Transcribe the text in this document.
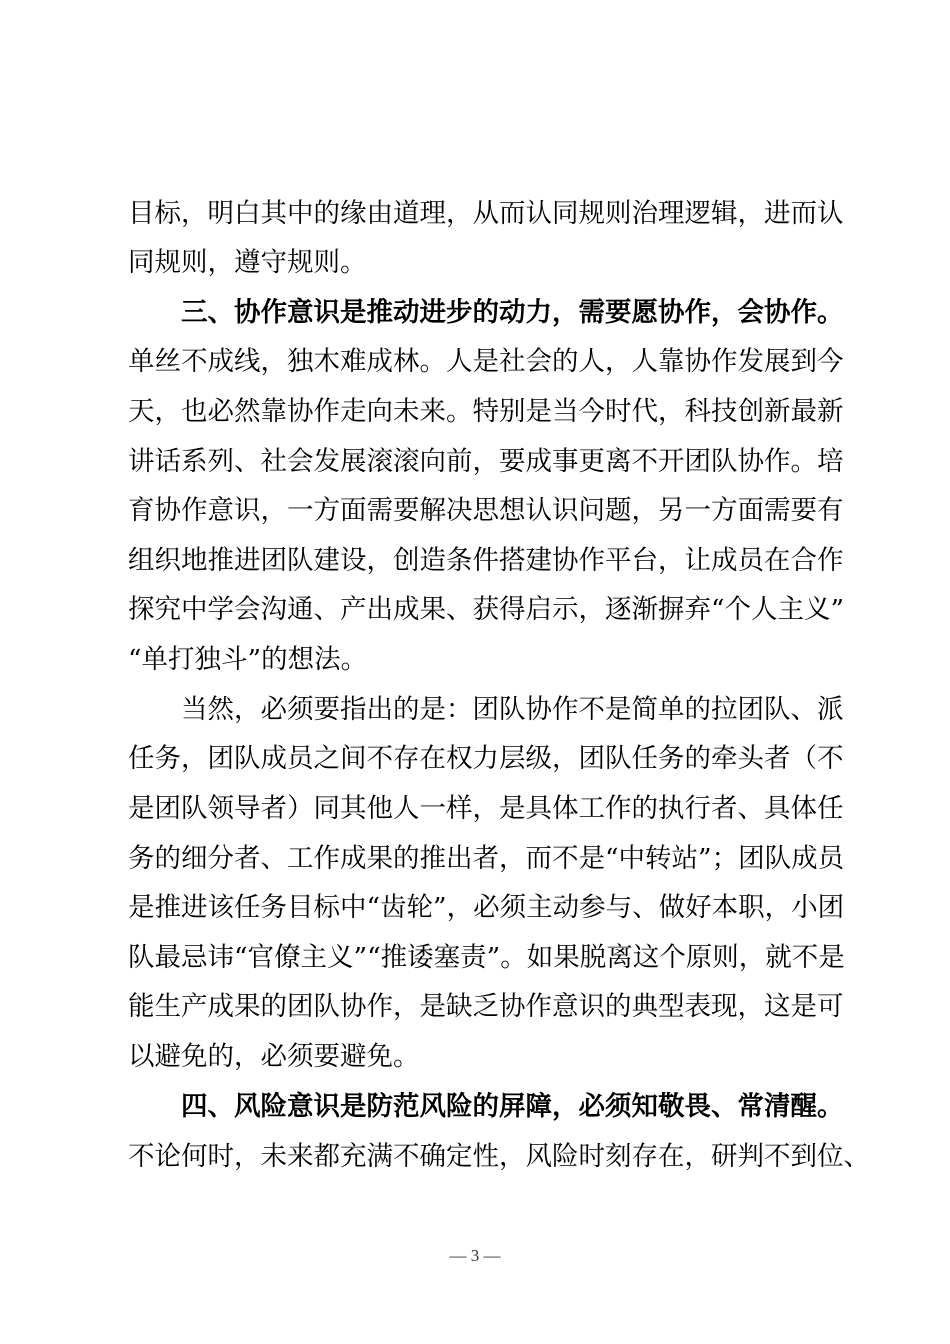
目标，明白其中的缘由道理，从而认同规则治理逻辑，进而认
同规则，遵守规则。
三、协作意识是推动进步的动力，需要愿协作，会协作。
单丝不成线，独木难成林。人是社会的人，人靠协作发展到今
天，也必然靠协作走向未来。特别是当今时代，科技创新最新
讲话系列、社会发展滚滚向前，要成事更离不开团队协作。培
育协作意识，一方面需要解决思想认识问题，另一方面需要有
组织地推进团队建设，创造条件搭建协作平台，让成员在合作
探究中学会沟通、产出成果、获得启示，逐渐摒弃“个人主义”
“单打独斗”的想法。
当然，必须要指出的是：团队协作不是简单的拉团队、派
任务，团队成员之间不存在权力层级，团队任务的牵头者（不
是团队领导者）同其他人一样，是具体工作的执行者、具体任
务的细分者、工作成果的推出者，而不是“中转站”；团队成员
是推进该任务目标中“齿轮”，必须主动参与、做好本职，小团
队最忌讳“官僚主义”“推诿塞责”。如果脱离这个原则，就不是
能生产成果的团队协作，是缺乏协作意识的典型表现，这是可
以避免的，必须要避免。
四、风险意识是防范风险的屏障，必须知敬畏、常清醒。
不论何时，未来都充满不确定性，风险时刻存在，研判不到位、
— 3 —
